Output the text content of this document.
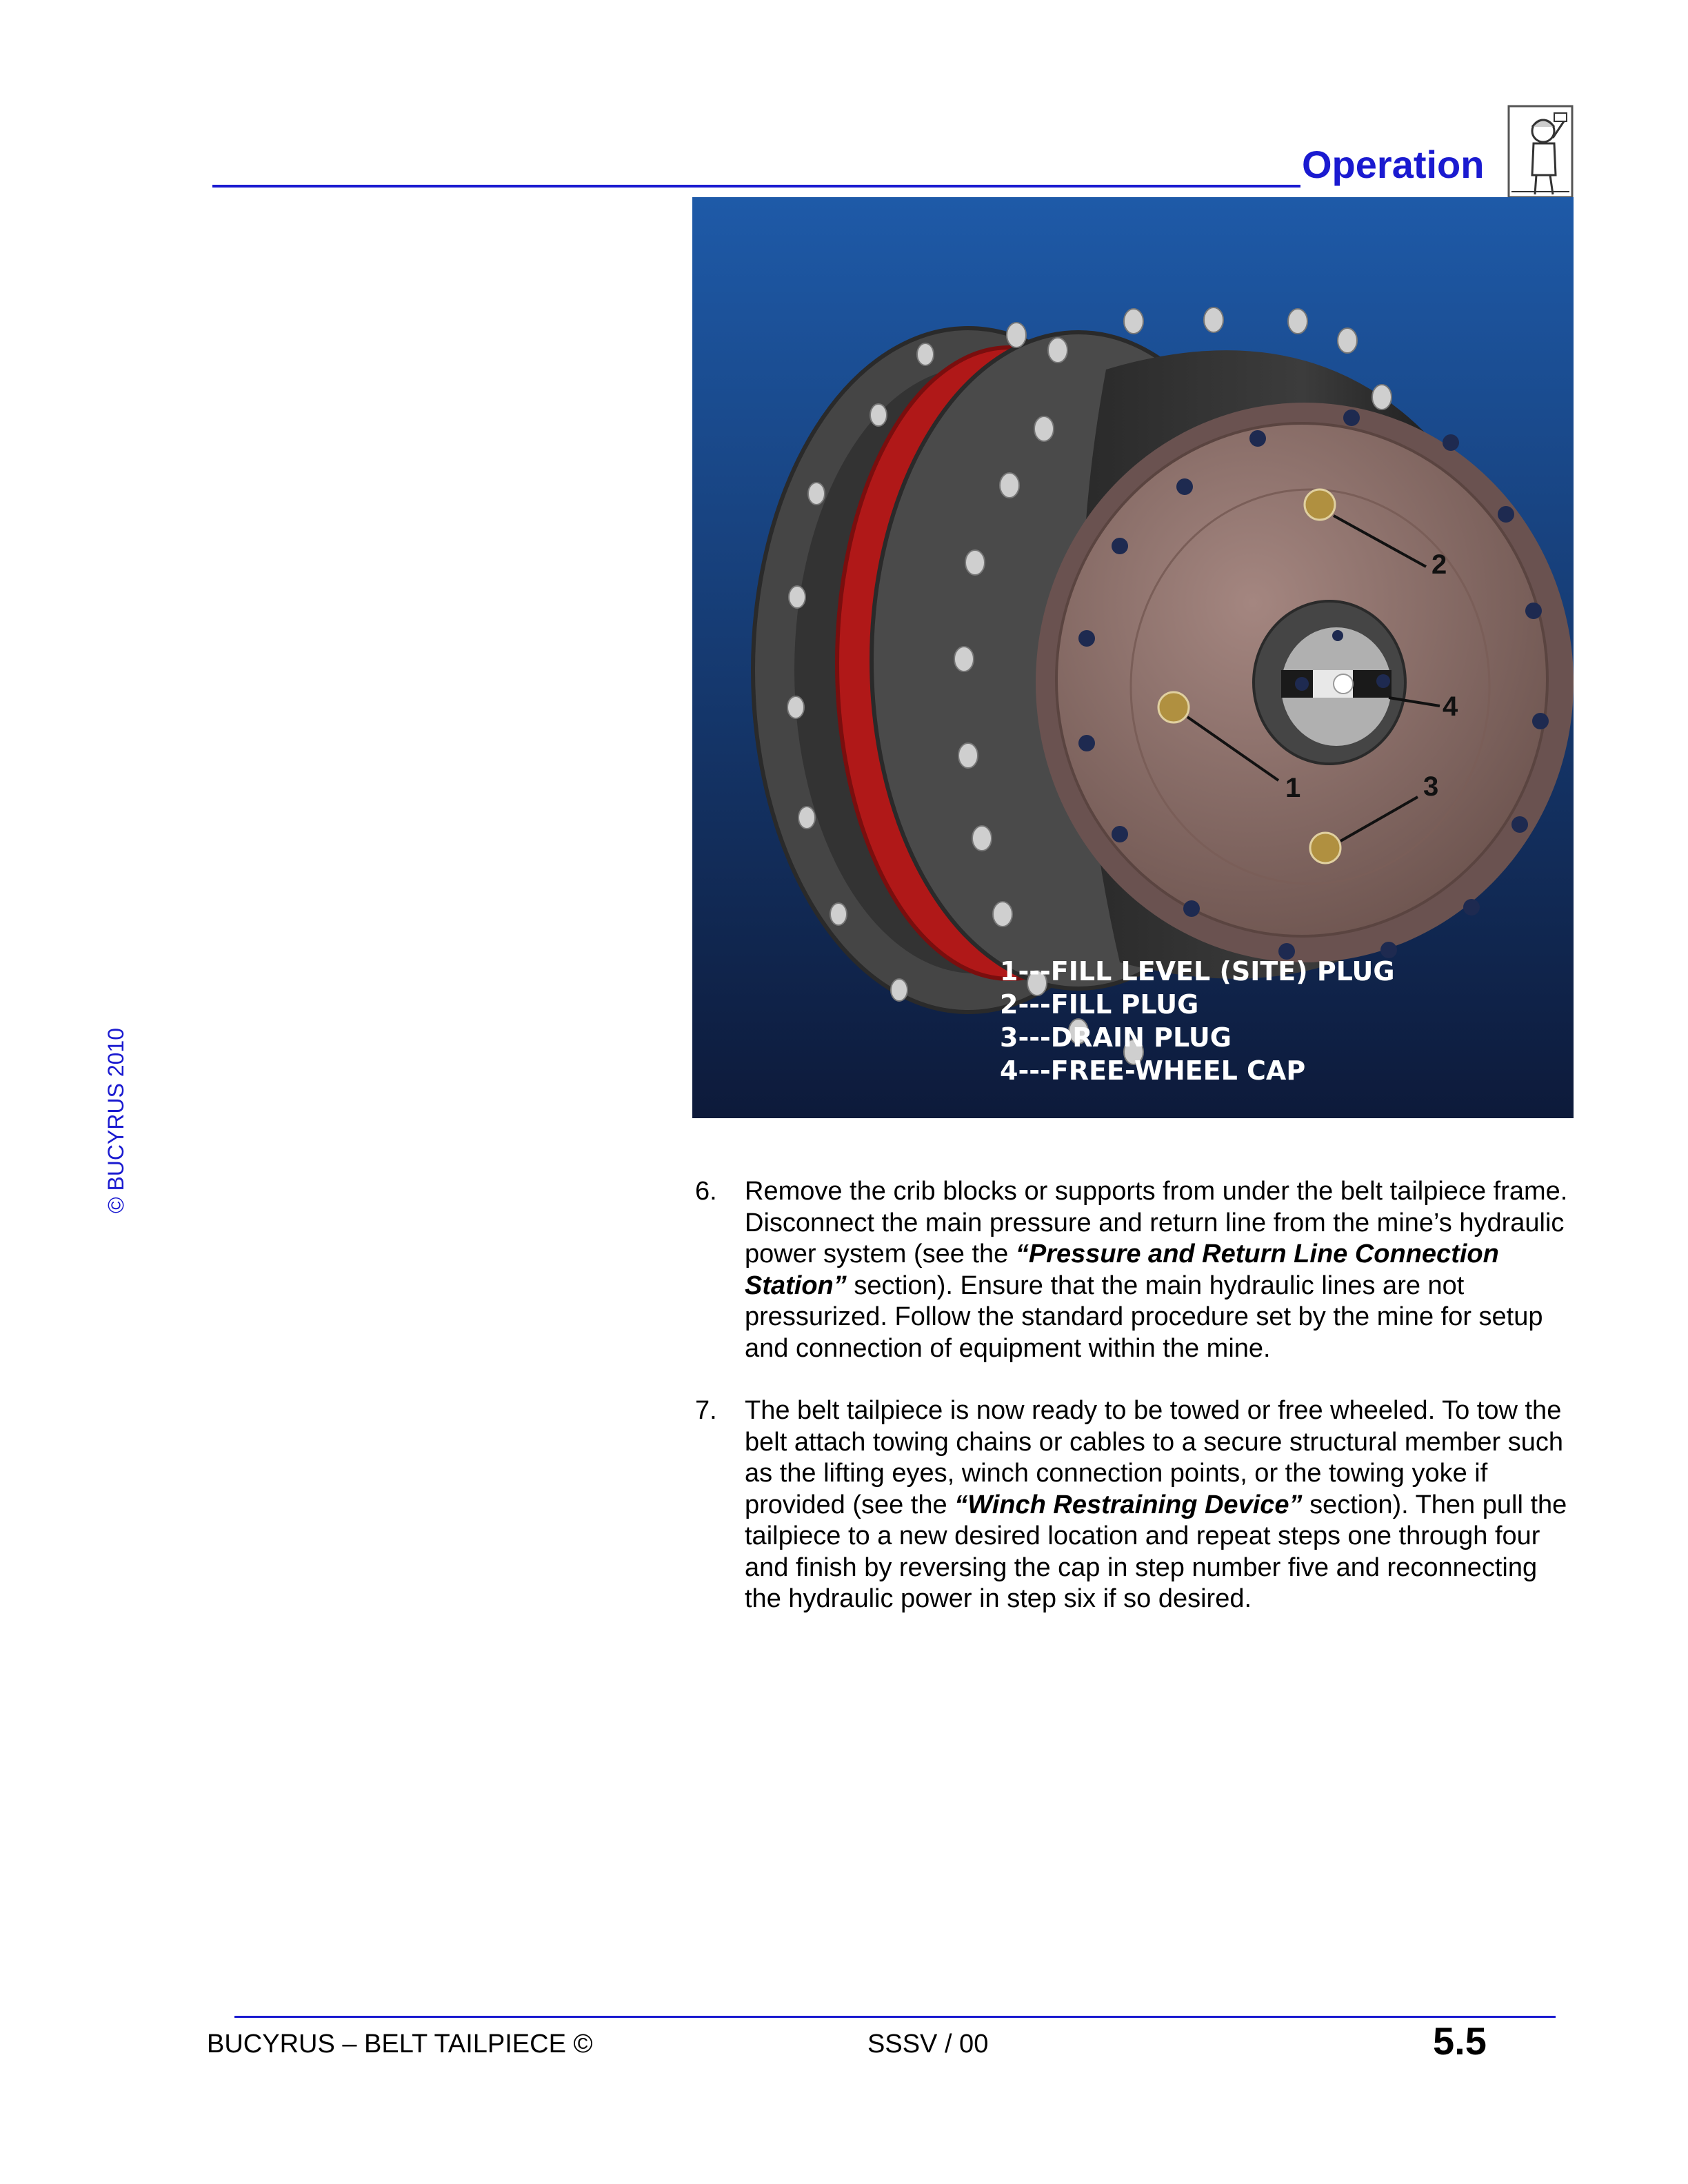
Operation
© BUCYRUS 2010
1
2
3
4
1---FILL LEVEL (SITE) PLUG
2---FILL PLUG
3---DRAIN PLUG
4---FREE-WHEEL CAP
6.	Remove the crib blocks or supports from under the belt tailpiece frame. Disconnect the main pressure and return line from the mine’s hydraulic power system (see the “Pressure and Return Line Connection Station” section). Ensure that the main hydraulic lines are not pressurized. Follow the standard procedure set by the mine for setup and connection of equipment within the mine.
7.	The belt tailpiece is now ready to be towed or free wheeled. To tow the belt attach towing chains or cables to a secure structural member such as the lifting eyes, winch connection points, or the towing yoke if provided (see the “Winch Restraining Device” section). Then pull the tailpiece to a new desired location and repeat steps one through four and finish by reversing the cap in step number five and reconnecting the hydraulic power in step six if so desired.
BUCYRUS – BELT TAILPIECE ©	SSSV / 00	5.5
